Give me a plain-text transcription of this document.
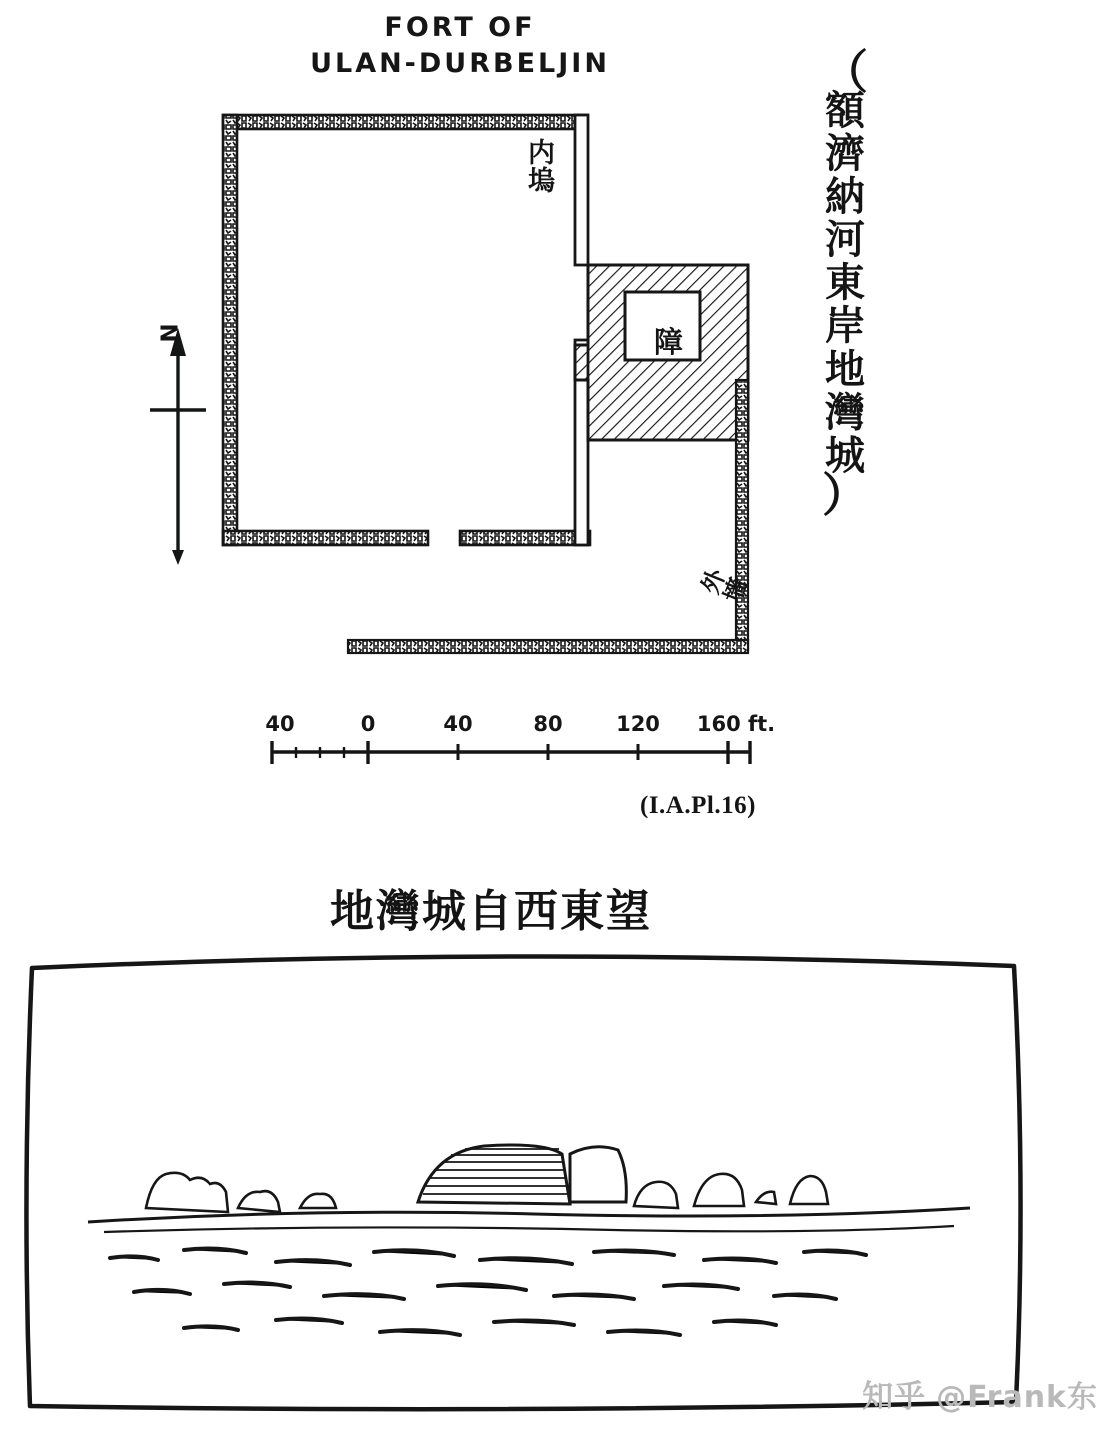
FORT OF
ULAN-DURBELJIN	（
額
濟
納
河
東
岸
地
灣
城
）
N
内
塢
障
外
墻
40	0	40	80	120 160 ft.
(I.A.Pl.16)
地灣城自西東望
知乎 @Frank东
